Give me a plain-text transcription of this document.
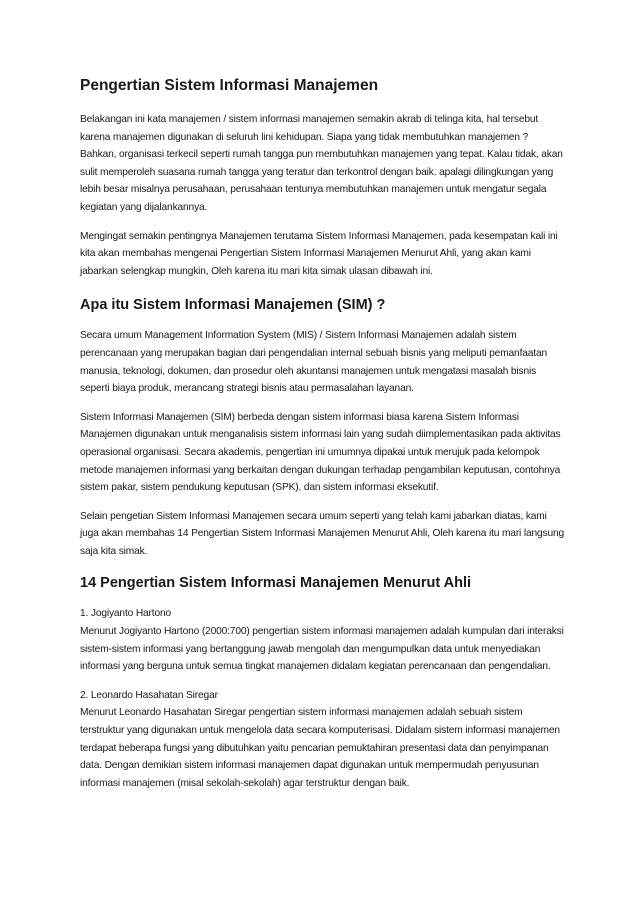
Pengertian Sistem Informasi Manajemen

Belakangan ini kata manajemen / sistem informasi manajemen semakin akrab di telinga kita, hal tersebut karena manajemen digunakan di seluruh lini kehidupan. Siapa yang tidak membutuhkan manajemen ? Bahkan, organisasi terkecil seperti rumah tangga pun membutuhkan manajemen yang tepat. Kalau tidak, akan sulit memperoleh suasana rumah tangga yang teratur dan terkontrol dengan baik. apalagi dilingkungan yang lebih besar misalnya perusahaan, perusahaan tentunya membutuhkan manajemen untuk mengatur segala kegiatan yang dijalankannya.

Mengingat semakin pentingnya Manajemen terutama Sistem Informasi Manajemen, pada kesempatan kali ini kita akan membahas mengenai Pengertian Sistem Informasi Manajemen Menurut Ahli, yang akan kami jabarkan selengkap mungkin, Oleh karena itu mari kita simak ulasan dibawah ini.

Apa itu Sistem Informasi Manajemen (SIM) ?

Secara umum Management Information System (MIS) / Sistem Informasi Manajemen adalah sistem perencanaan yang merupakan bagian dari pengendalian internal sebuah bisnis yang meliputi pemanfaatan manusia, teknologi, dokumen, dan prosedur oleh akuntansi manajemen untuk mengatasi masalah bisnis seperti biaya produk, merancang strategi bisnis atau permasalahan layanan.

Sistem Informasi Manajemen (SIM) berbeda dengan sistem informasi biasa karena Sistem Informasi Manajemen digunakan untuk menganalisis sistem informasi lain yang sudah diimplementasikan pada aktivitas operasional organisasi. Secara akademis, pengertian ini umumnya dipakai untuk merujuk pada kelompok metode manajemen informasi yang berkaitan dengan dukungan terhadap pengambilan keputusan, contohnya sistem pakar, sistem pendukung keputusan (SPK), dan sistem informasi eksekutif.

Selain pengetian Sistem Informasi Manajemen secara umum seperti yang telah kami jabarkan diatas, kami juga akan membahas 14 Pengertian Sistem Informasi Manajemen Menurut Ahli, Oleh karena itu mari langsung saja kita simak.

14 Pengertian Sistem Informasi Manajemen Menurut Ahli
1. Jogiyanto Hartono
Menurut Jogiyanto Hartono (2000:700) pengertian sistem informasi manajemen adalah kumpulan dari interaksi sistem-sistem informasi yang bertanggung jawab mengolah dan mengumpulkan data untuk menyediakan informasi yang berguna untuk semua tingkat manajemen didalam kegiatan perencanaan dan pengendalian.
2. Leonardo Hasahatan Siregar
Menurut Leonardo Hasahatan Siregar pengertian sistem informasi manajemen adalah sebuah sistem terstruktur yang digunakan untuk mengelola data secara komputerisasi. Didalam sistem informasi manajemen terdapat beberapa fungsi yang dibutuhkan yaitu pencarian pemuktahiran presentasi data dan penyimpanan data. Dengan demikian sistem informasi manajemen dapat digunakan untuk mempermudah penyusunan informasi manajemen (misal sekolah-sekolah) agar terstruktur dengan baik.
